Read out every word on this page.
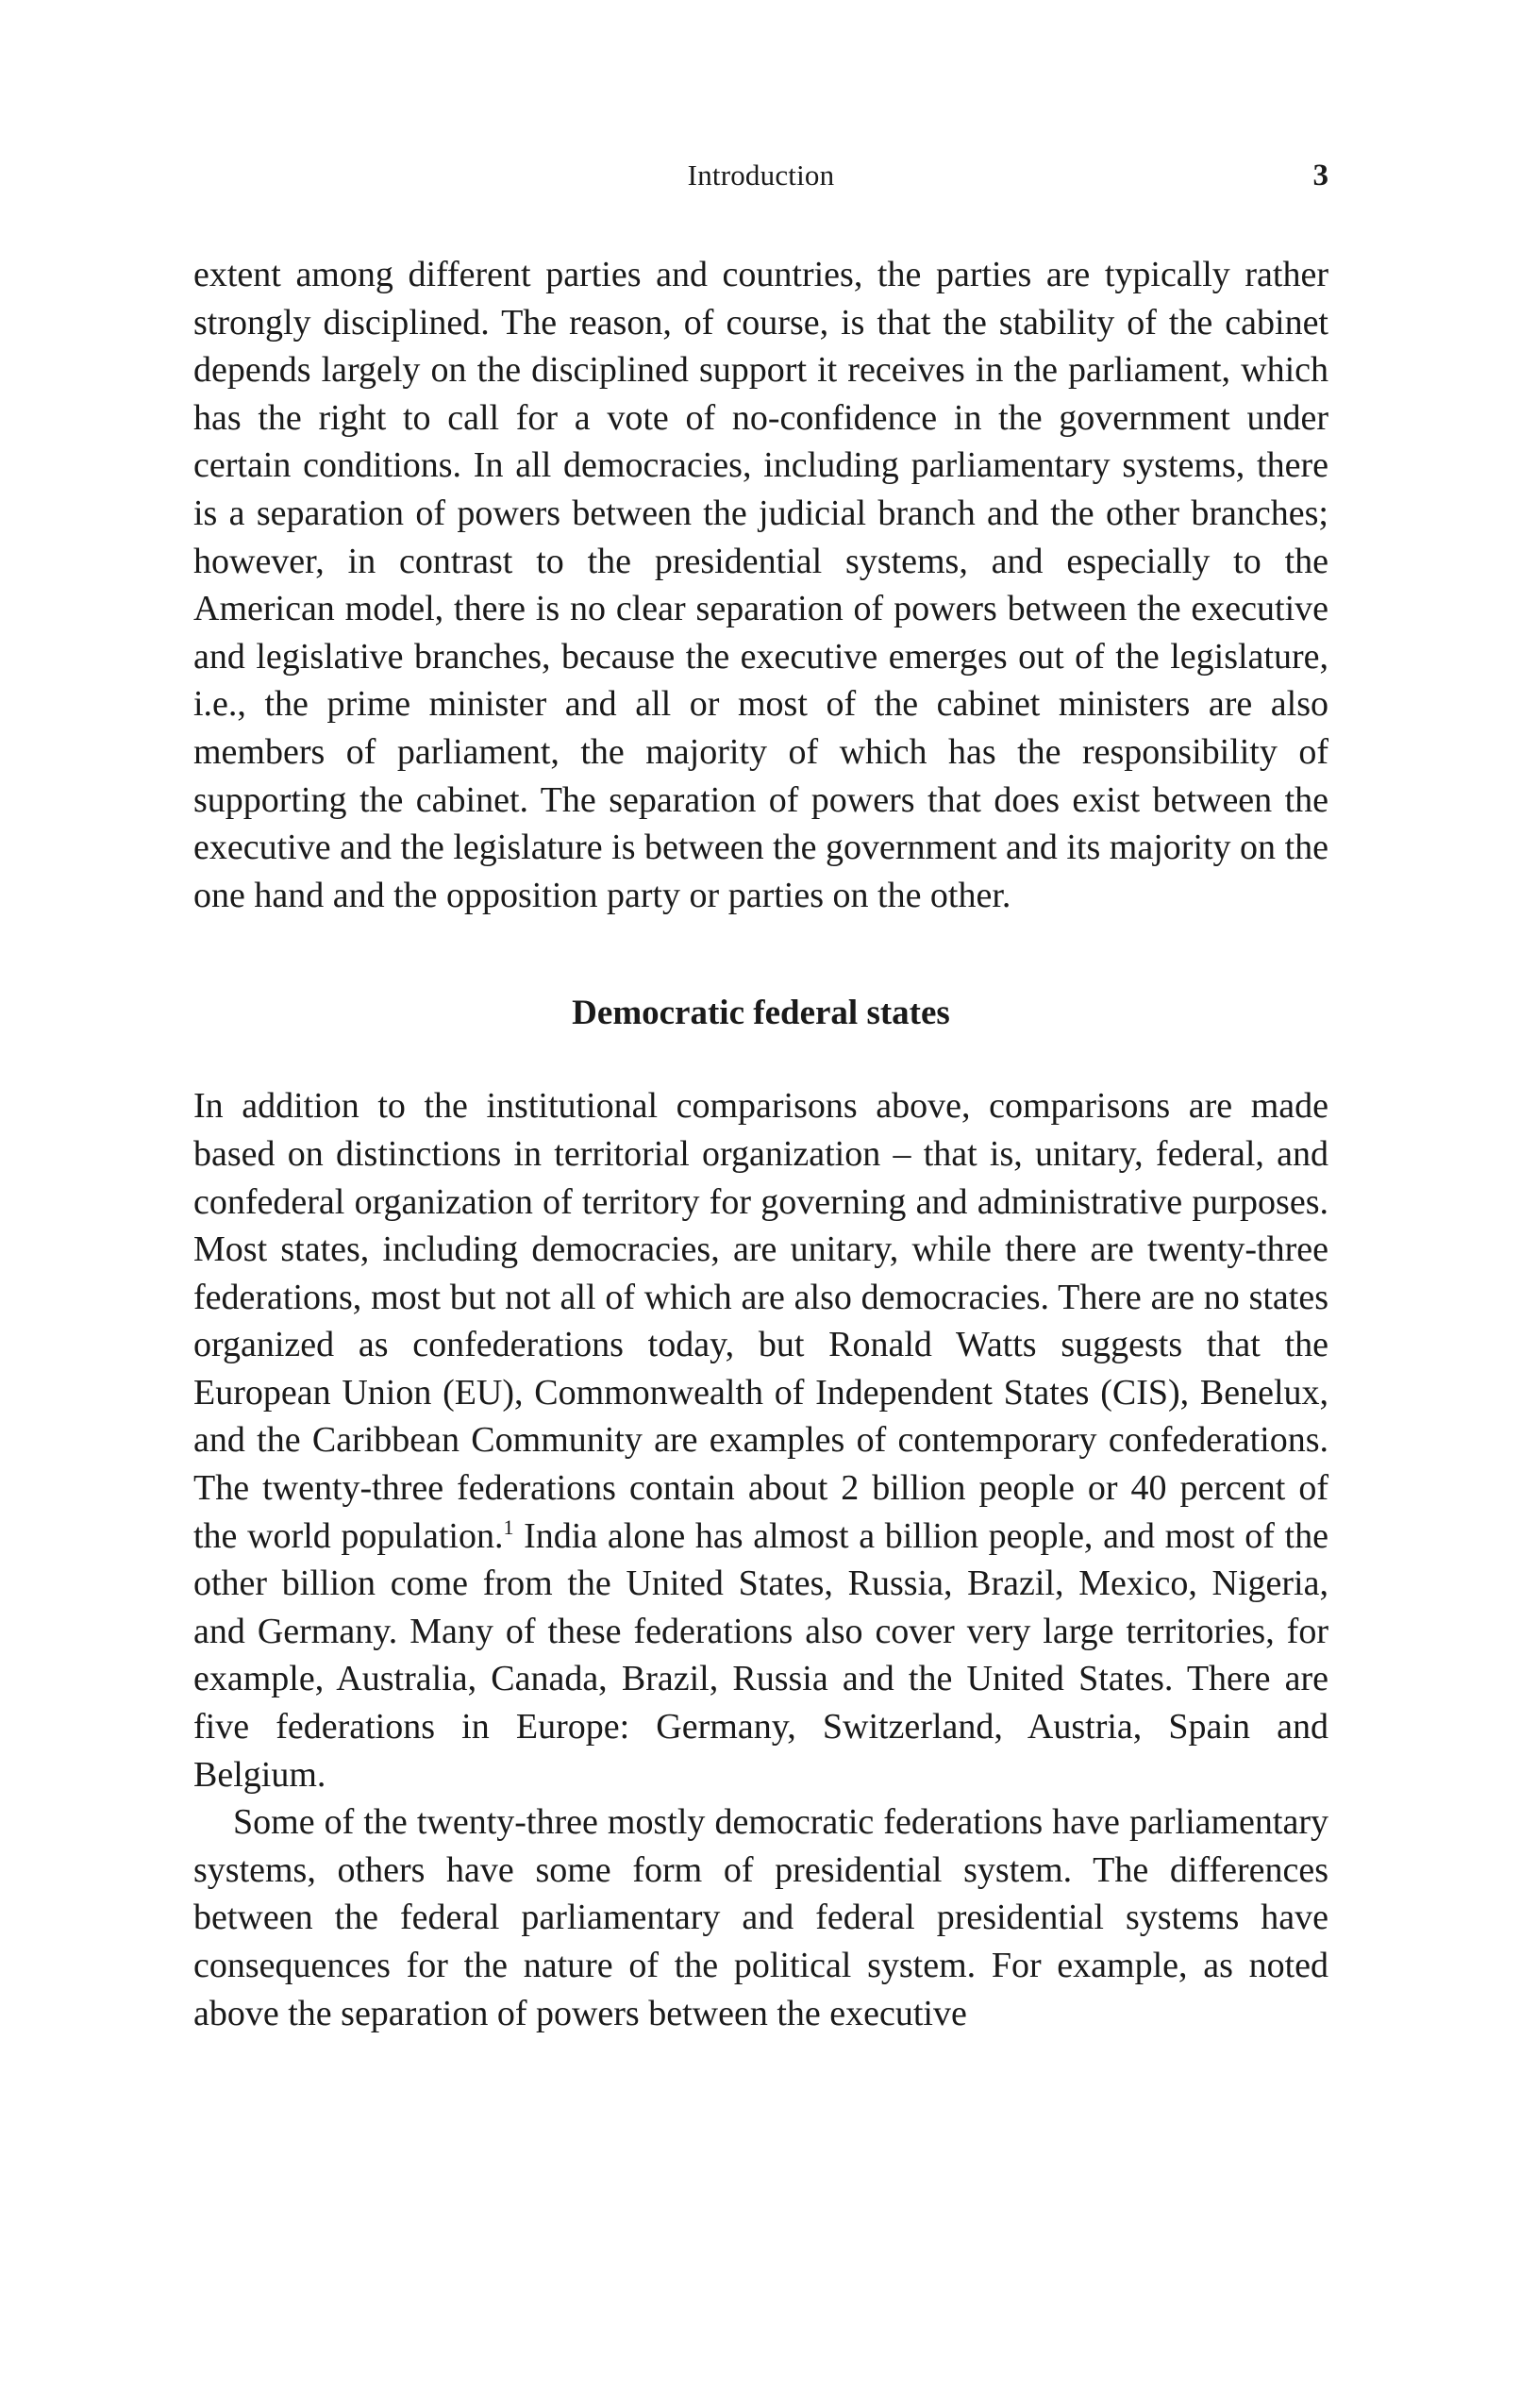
Introduction	3

extent among different parties and countries, the parties are typically rather strongly disciplined. The reason, of course, is that the stability of the cabinet depends largely on the disciplined support it receives in the parliament, which has the right to call for a vote of no-confidence in the government under certain conditions. In all democracies, including parliamentary systems, there is a separation of powers between the judicial branch and the other branches; however, in contrast to the presidential systems, and especially to the American model, there is no clear separation of powers between the executive and legislative branches, because the executive emerges out of the legislature, i.e., the prime minister and all or most of the cabinet ministers are also members of parliament, the majority of which has the responsibility of supporting the cabinet. The separation of powers that does exist between the executive and the legislature is between the government and its majority on the one hand and the opposition party or parties on the other.

Democratic federal states

In addition to the institutional comparisons above, comparisons are made based on distinctions in territorial organization – that is, unitary, federal, and confederal organization of territory for governing and administrative purposes. Most states, including democracies, are unitary, while there are twenty-three federations, most but not all of which are also democracies. There are no states organized as confederations today, but Ronald Watts suggests that the European Union (EU), Commonwealth of Independent States (CIS), Benelux, and the Caribbean Community are examples of contemporary confederations. The twenty-three federations contain about 2 billion people or 40 percent of the world population.$^1$ India alone has almost a billion people, and most of the other billion come from the United States, Russia, Brazil, Mexico, Nigeria, and Germany. Many of these federations also cover very large territories, for example, Australia, Canada, Brazil, Russia and the United States. There are five federations in Europe: Germany, Switzerland, Austria, Spain and Belgium.

Some of the twenty-three mostly democratic federations have parliamentary systems, others have some form of presidential system. The differences between the federal parliamentary and federal presidential systems have consequences for the nature of the political system. For example, as noted above the separation of powers between the executive
